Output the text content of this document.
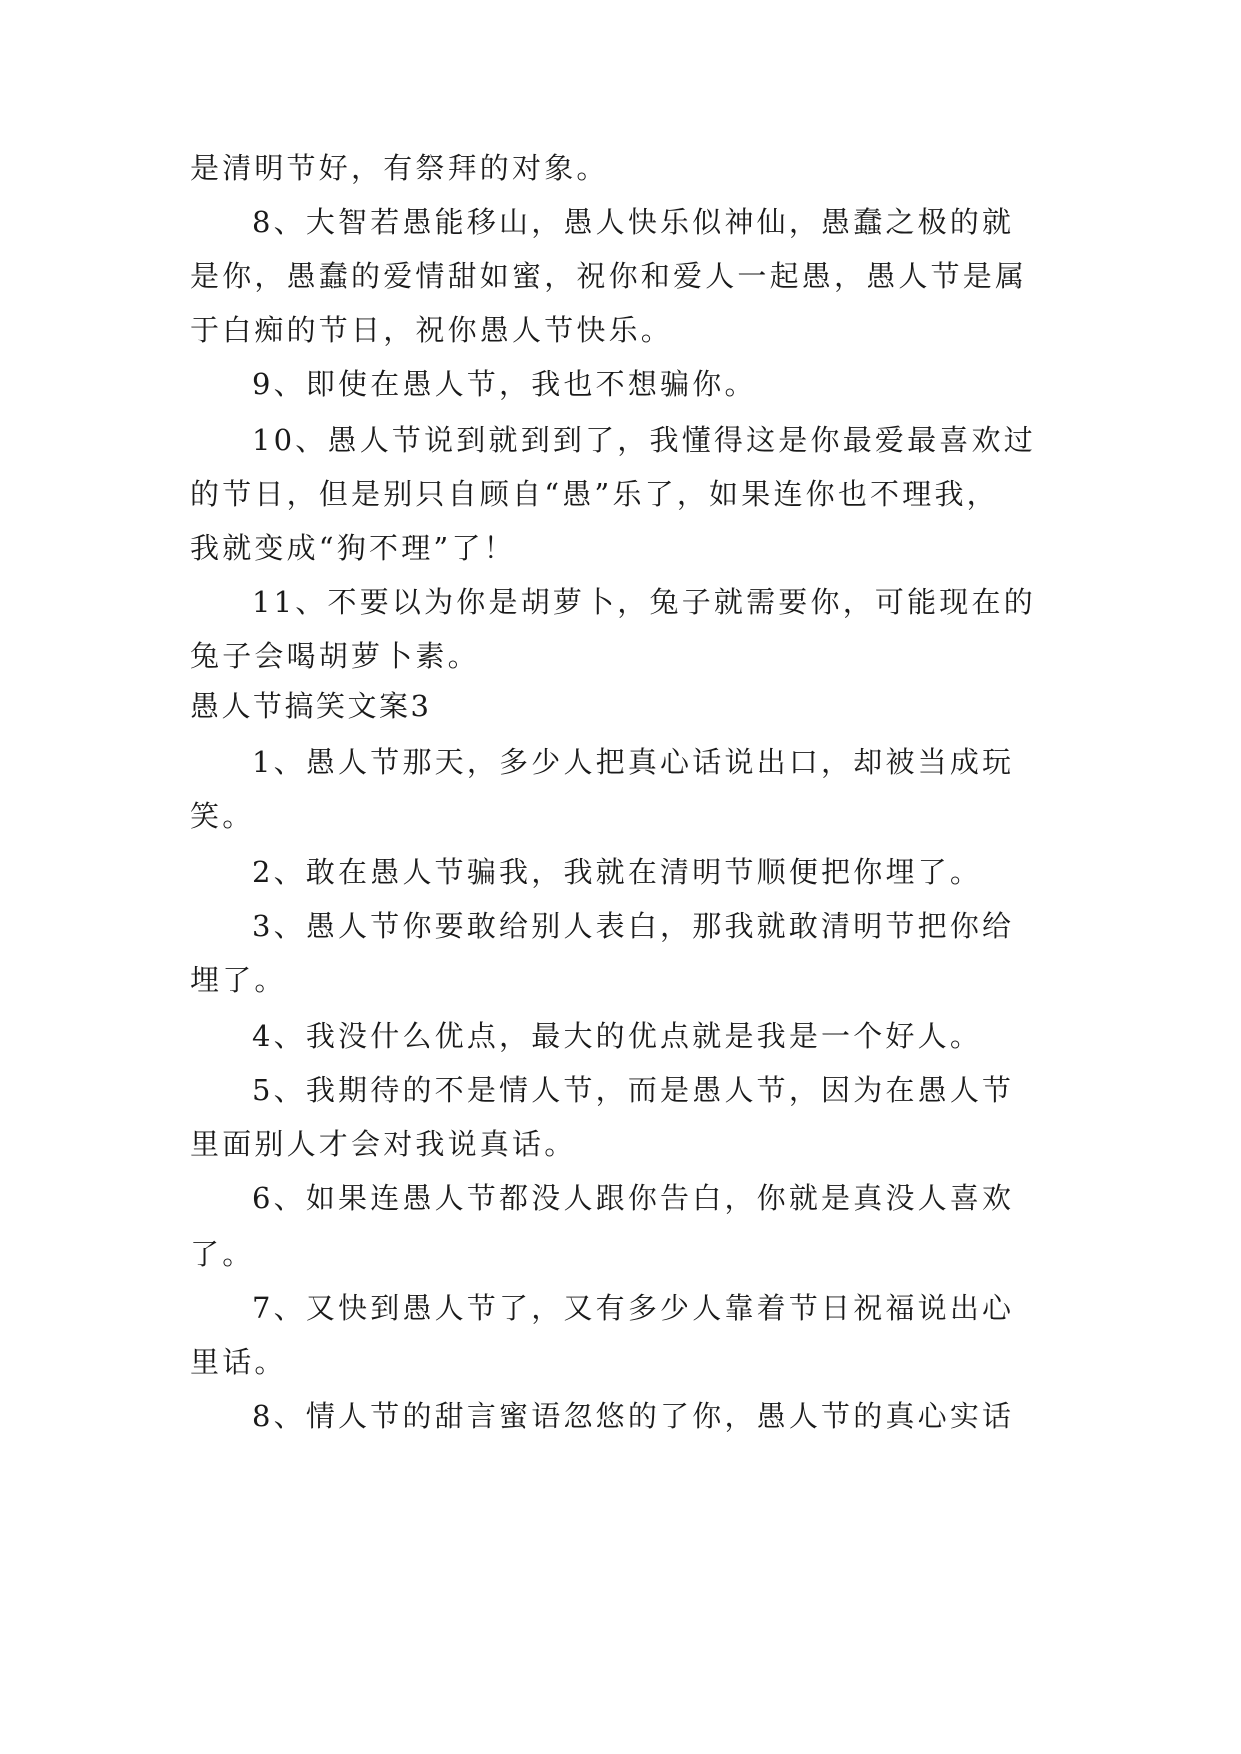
是清明节好，有祭拜的对象。
8、大智若愚能移山，愚人快乐似神仙，愚蠢之极的就
是你，愚蠢的爱情甜如蜜，祝你和爱人一起愚，愚人节是属
于白痴的节日，祝你愚人节快乐。
9、即使在愚人节，我也不想骗你。
10、愚人节说到就到到了，我懂得这是你最爱最喜欢过
的节日，但是别只自顾自“愚”乐了，如果连你也不理我，
我就变成“狗不理”了！
11、不要以为你是胡萝卜，兔子就需要你，可能现在的
兔子会喝胡萝卜素。
愚人节搞笑文案3
1、愚人节那天，多少人把真心话说出口，却被当成玩
笑。
2、敢在愚人节骗我，我就在清明节顺便把你埋了。
3、愚人节你要敢给别人表白，那我就敢清明节把你给
埋了。
4、我没什么优点，最大的优点就是我是一个好人。
5、我期待的不是情人节，而是愚人节，因为在愚人节
里面别人才会对我说真话。
6、如果连愚人节都没人跟你告白，你就是真没人喜欢
了。
7、又快到愚人节了，又有多少人靠着节日祝福说出心
里话。
8、情人节的甜言蜜语忽悠的了你，愚人节的真心实话
